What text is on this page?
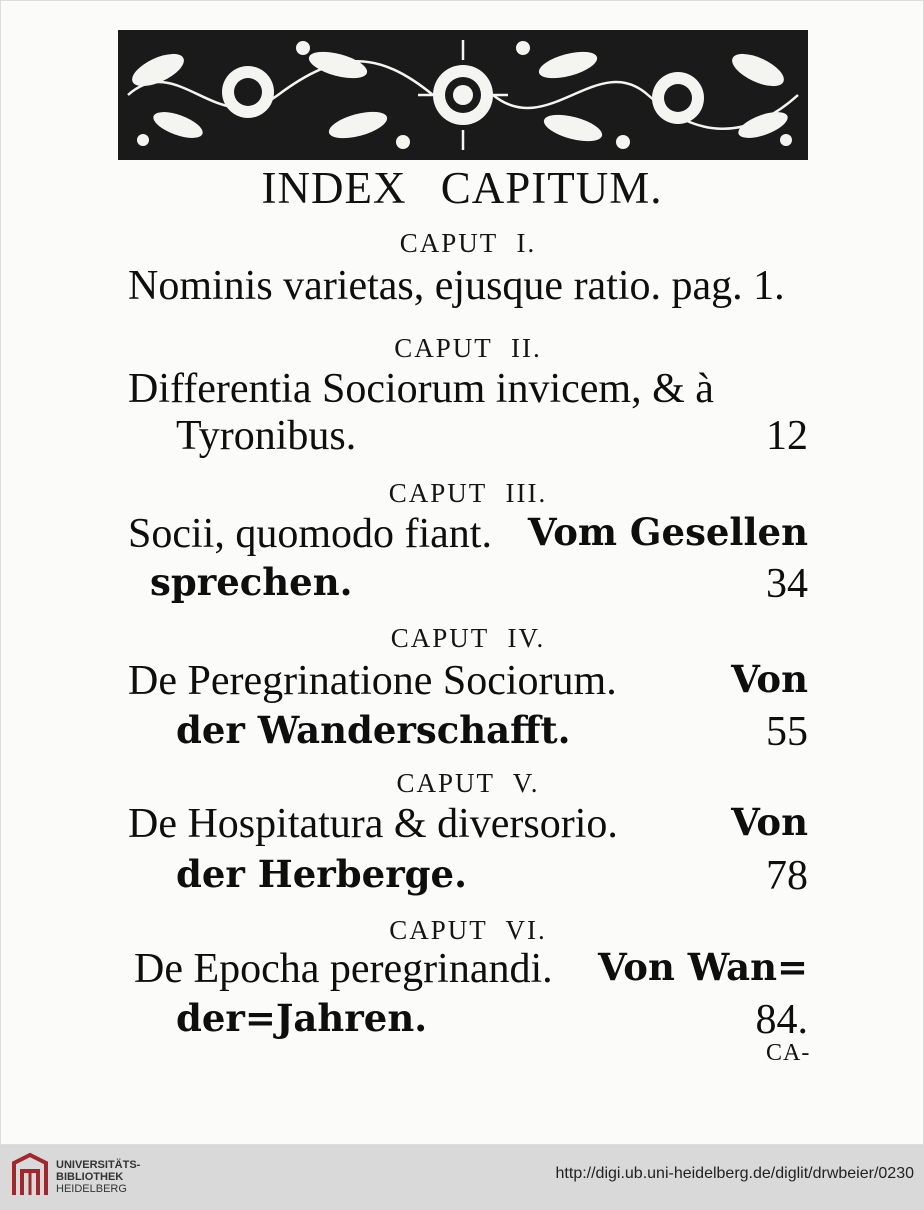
INDEX CAPITUM.
CAPUT I.
Nominis varietas, ejusque ratio. pag. 1.
CAPUT II.
Differentia Sociorum invicem, & à
Tyronibus.	12
CAPUT III.
Socii, quomodo fiant. Vom Gesellen
sprechen.	34
CAPUT IV.
De Peregrinatione Sociorum.	Von
der Wanderschafft.	55
CAPUT V.
De Hospitatura & diversorio.	Von
der Herberge.	78
CAPUT VI.
De Epocha peregrinandi. Von Wan=
der=Jahren.	84.
CA-
UNIVERSITÄTS-
BIBLIOTHEK
HEIDELBERG
http://digi.ub.uni-heidelberg.de/diglit/drwbeier/0230
